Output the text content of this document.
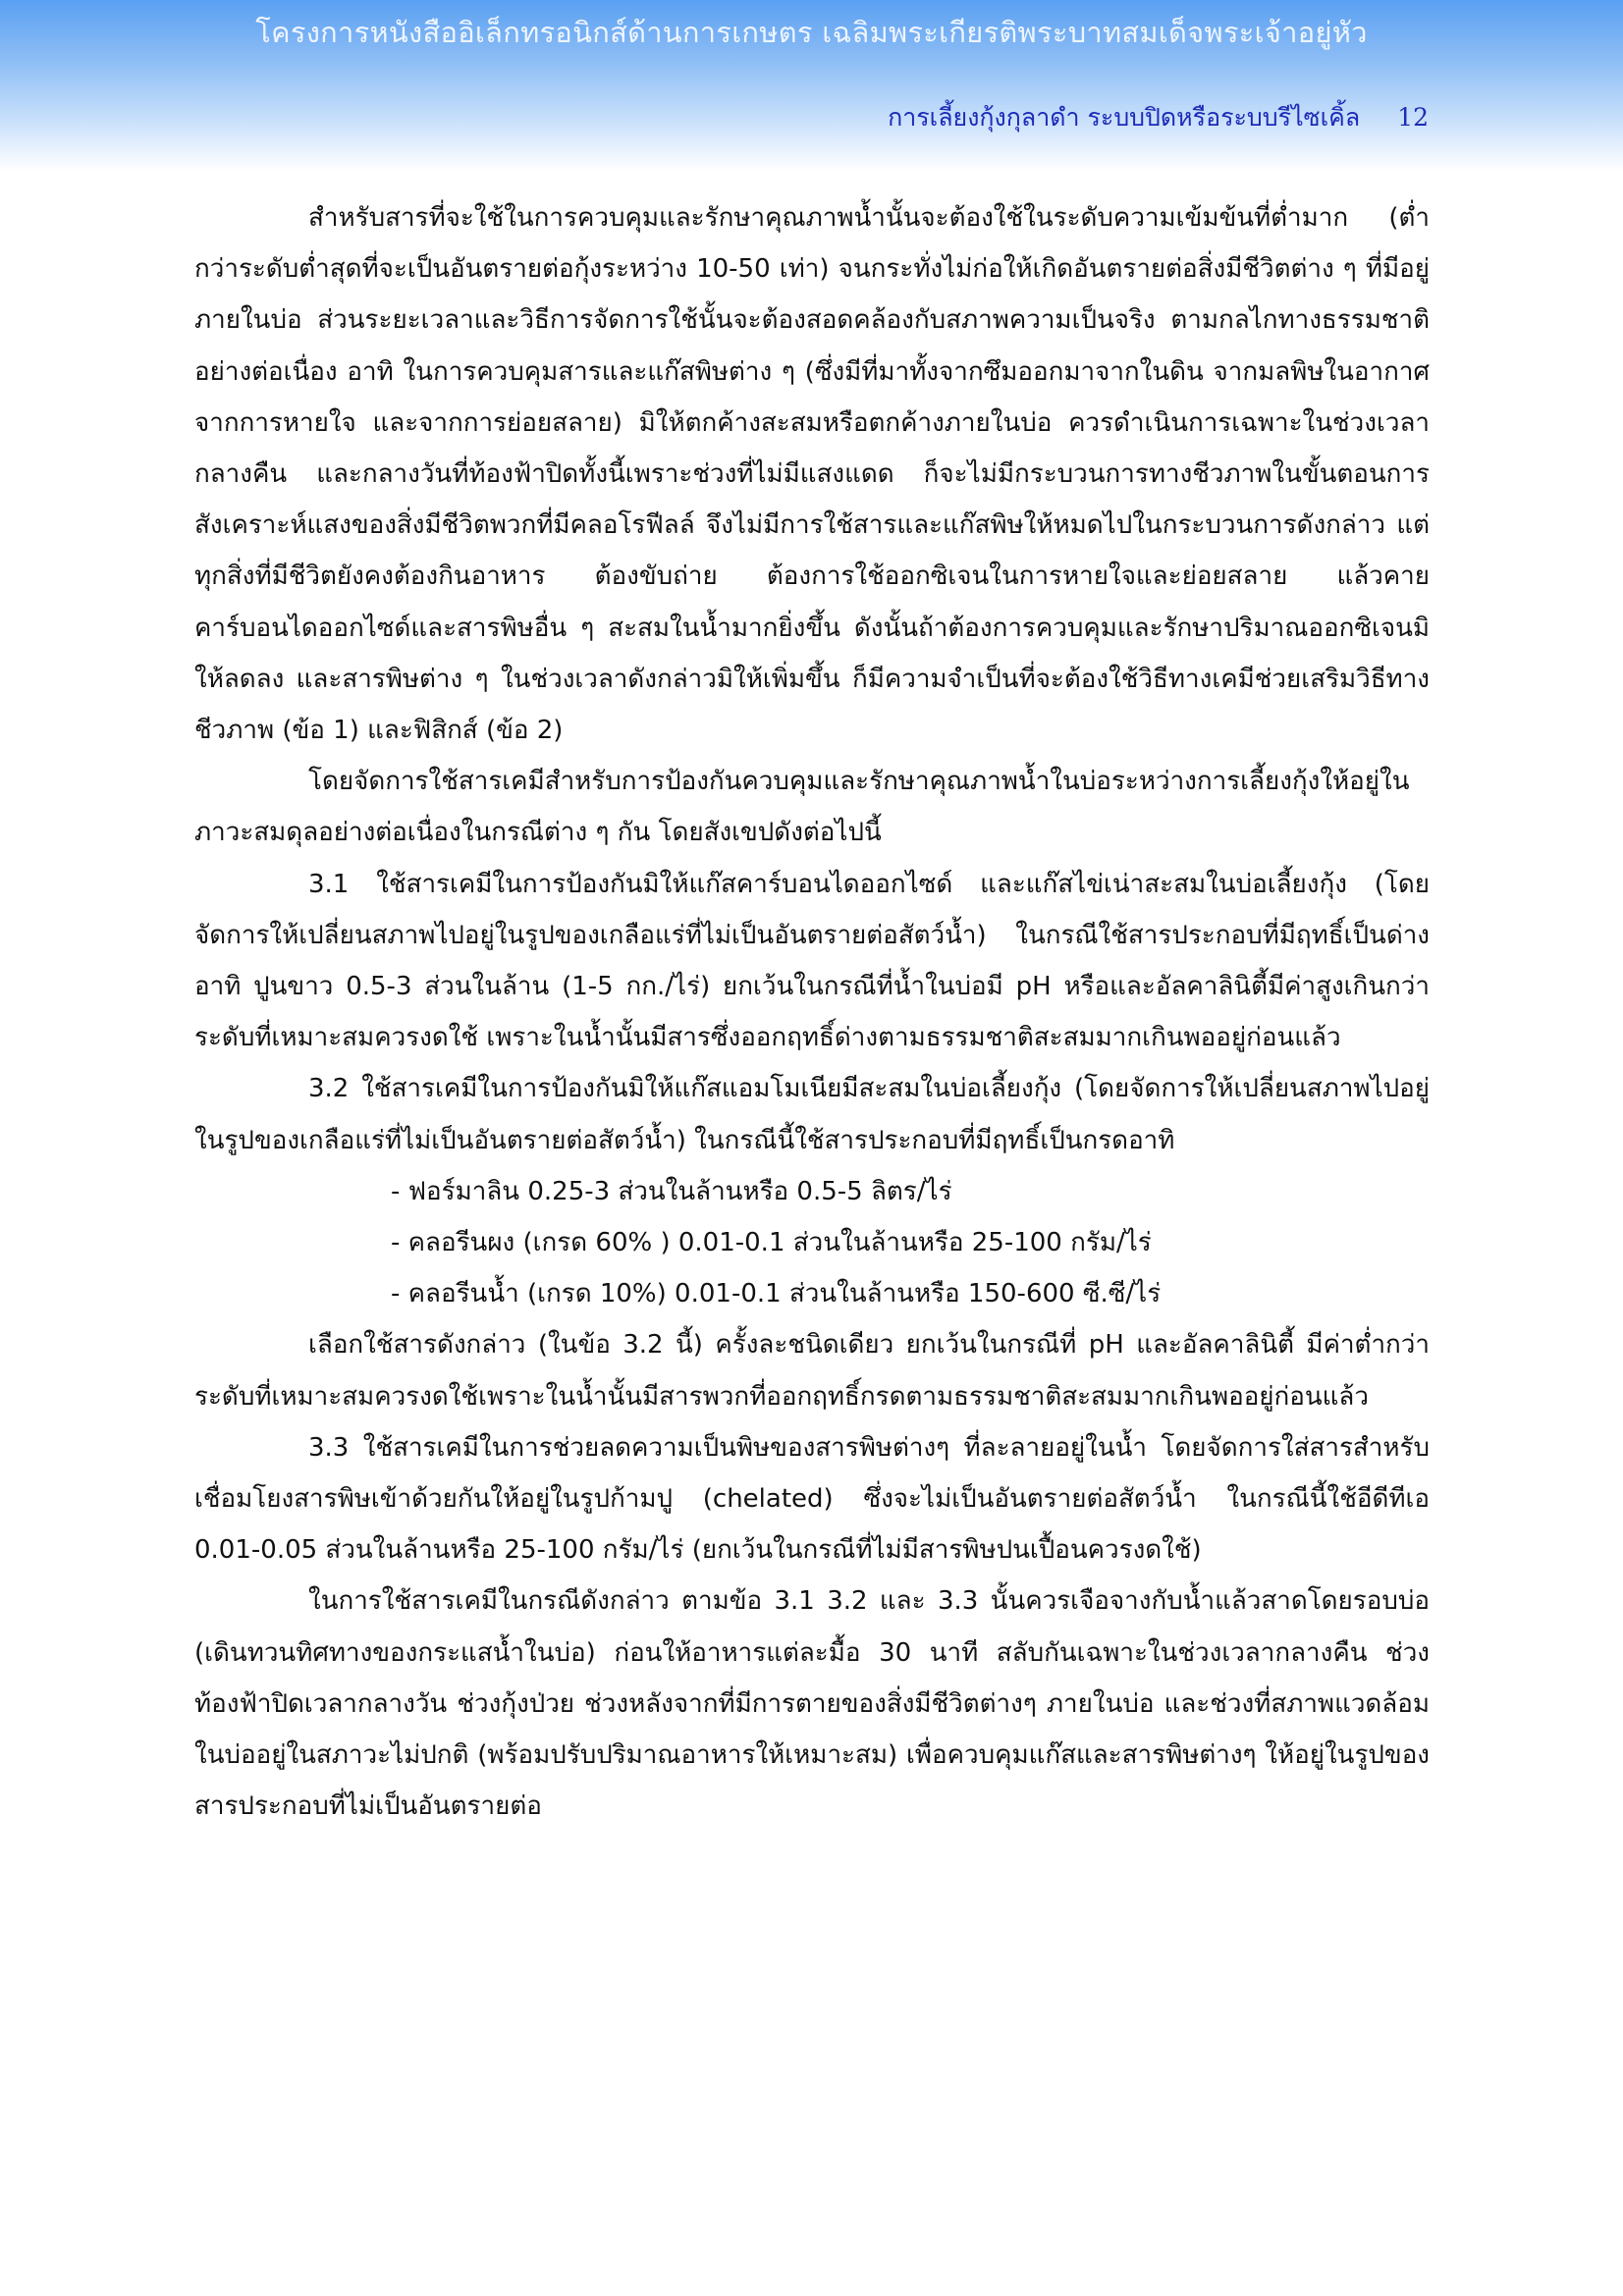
โครงการหนังสืออิเล็กทรอนิกส์ด้านการเกษตร เฉลิมพระเกียรติพระบาทสมเด็จพระเจ้าอยู่หัว
การเลี้ยงกุ้งกุลาดำ ระบบปิดหรือระบบรีไซเคิ้ล 12

สำหรับสารที่จะใช้ในการควบคุมและรักษาคุณภาพน้ำนั้นจะต้องใช้ในระดับความเข้มข้นที่ต่ำมาก (ต่ำกว่าระดับต่ำสุดที่จะเป็นอันตรายต่อกุ้งระหว่าง 10-50 เท่า) จนกระทั่งไม่ก่อให้เกิดอันตรายต่อสิ่งมีชีวิตต่าง ๆ ที่มีอยู่ภายในบ่อ ส่วนระยะเวลาและวิธีการจัดการใช้นั้นจะต้องสอดคล้องกับสภาพความเป็นจริง ตามกลไกทางธรรมชาติอย่างต่อเนื่อง อาทิ ในการควบคุมสารและแก๊สพิษต่าง ๆ (ซึ่งมีที่มาทั้งจากซึมออกมาจากในดิน จากมลพิษในอากาศ จากการหายใจ และจากการย่อยสลาย) มิให้ตกค้างสะสมหรือตกค้างภายในบ่อ ควรดำเนินการเฉพาะในช่วงเวลากลางคืน และกลางวันที่ท้องฟ้าปิดทั้งนี้เพราะช่วงที่ไม่มีแสงแดด ก็จะไม่มีกระบวนการทางชีวภาพในขั้นตอนการสังเคราะห์แสงของสิ่งมีชีวิตพวกที่มีคลอโรฟีลล์ จึงไม่มีการใช้สารและแก๊สพิษให้หมดไปในกระบวนการดังกล่าว แต่ทุกสิ่งที่มีชีวิตยังคงต้องกินอาหาร ต้องขับถ่าย ต้องการใช้ออกซิเจนในการหายใจและย่อยสลาย แล้วคายคาร์บอนไดออกไซด์และสารพิษอื่น ๆ สะสมในน้ำมากยิ่งขึ้น ดังนั้นถ้าต้องการควบคุมและรักษาปริมาณออกซิเจนมิให้ลดลง และสารพิษต่าง ๆ ในช่วงเวลาดังกล่าวมิให้เพิ่มขึ้น ก็มีความจำเป็นที่จะต้องใช้วิธีทางเคมีช่วยเสริมวิธีทางชีวภาพ (ข้อ 1) และฟิสิกส์ (ข้อ 2)

โดยจัดการใช้สารเคมีสำหรับการป้องกันควบคุมและรักษาคุณภาพน้ำในบ่อระหว่างการเลี้ยงกุ้งให้อยู่ในภาวะสมดุลอย่างต่อเนื่องในกรณีต่าง ๆ กัน โดยสังเขปดังต่อไปนี้

3.1 ใช้สารเคมีในการป้องกันมิให้แก๊สคาร์บอนไดออกไซด์ และแก๊สไข่เน่าสะสมในบ่อเลี้ยงกุ้ง (โดยจัดการให้เปลี่ยนสภาพไปอยู่ในรูปของเกลือแร่ที่ไม่เป็นอันตรายต่อสัตว์น้ำ) ในกรณีใช้สารประกอบที่มีฤทธิ์เป็นด่าง อาทิ ปูนขาว 0.5-3 ส่วนในล้าน (1-5 กก./ไร่) ยกเว้นในกรณีที่น้ำในบ่อมี pH หรือและอัลคาลินิตี้มีค่าสูงเกินกว่าระดับที่เหมาะสมควรงดใช้ เพราะในน้ำนั้นมีสารซึ่งออกฤทธิ์ด่างตามธรรมชาติสะสมมากเกินพออยู่ก่อนแล้ว

3.2 ใช้สารเคมีในการป้องกันมิให้แก๊สแอมโมเนียมีสะสมในบ่อเลี้ยงกุ้ง (โดยจัดการให้เปลี่ยนสภาพไปอยู่ในรูปของเกลือแร่ที่ไม่เป็นอันตรายต่อสัตว์น้ำ) ในกรณีนี้ใช้สารประกอบที่มีฤทธิ์เป็นกรดอาทิ

- ฟอร์มาลิน 0.25-3 ส่วนในล้านหรือ 0.5-5 ลิตร/ไร่
- คลอรีนผง (เกรด 60% ) 0.01-0.1 ส่วนในล้านหรือ 25-100 กรัม/ไร่
- คลอรีนน้ำ (เกรด 10%) 0.01-0.1 ส่วนในล้านหรือ 150-600 ซี.ซี/ไร่

เลือกใช้สารดังกล่าว (ในข้อ 3.2 นี้) ครั้งละชนิดเดียว ยกเว้นในกรณีที่ pH และอัลคาลินิตี้ มีค่าต่ำกว่าระดับที่เหมาะสมควรงดใช้เพราะในน้ำนั้นมีสารพวกที่ออกฤทธิ์กรดตามธรรมชาติสะสมมากเกินพออยู่ก่อนแล้ว

3.3 ใช้สารเคมีในการช่วยลดความเป็นพิษของสารพิษต่างๆ ที่ละลายอยู่ในน้ำ โดยจัดการใส่สารสำหรับเชื่อมโยงสารพิษเข้าด้วยกันให้อยู่ในรูปก้ามปู (chelated) ซึ่งจะไม่เป็นอันตรายต่อสัตว์น้ำ ในกรณีนี้ใช้อีดีทีเอ 0.01-0.05 ส่วนในล้านหรือ 25-100 กรัม/ไร่ (ยกเว้นในกรณีที่ไม่มีสารพิษปนเปื้อนควรงดใช้)

ในการใช้สารเคมีในกรณีดังกล่าว ตามข้อ 3.1 3.2 และ 3.3 นั้นควรเจือจางกับน้ำแล้วสาดโดยรอบบ่อ (เดินทวนทิศทางของกระแสน้ำในบ่อ) ก่อนให้อาหารแต่ละมื้อ 30 นาที สลับกันเฉพาะในช่วงเวลากลางคืน ช่วงท้องฟ้าปิดเวลากลางวัน ช่วงกุ้งป่วย ช่วงหลังจากที่มีการตายของสิ่งมีชีวิตต่างๆ ภายในบ่อ และช่วงที่สภาพแวดล้อมในบ่ออยู่ในสภาวะไม่ปกติ (พร้อมปรับปริมาณอาหารให้เหมาะสม) เพื่อควบคุมแก๊สและสารพิษต่างๆ ให้อยู่ในรูปของสารประกอบที่ไม่เป็นอันตรายต่อ
